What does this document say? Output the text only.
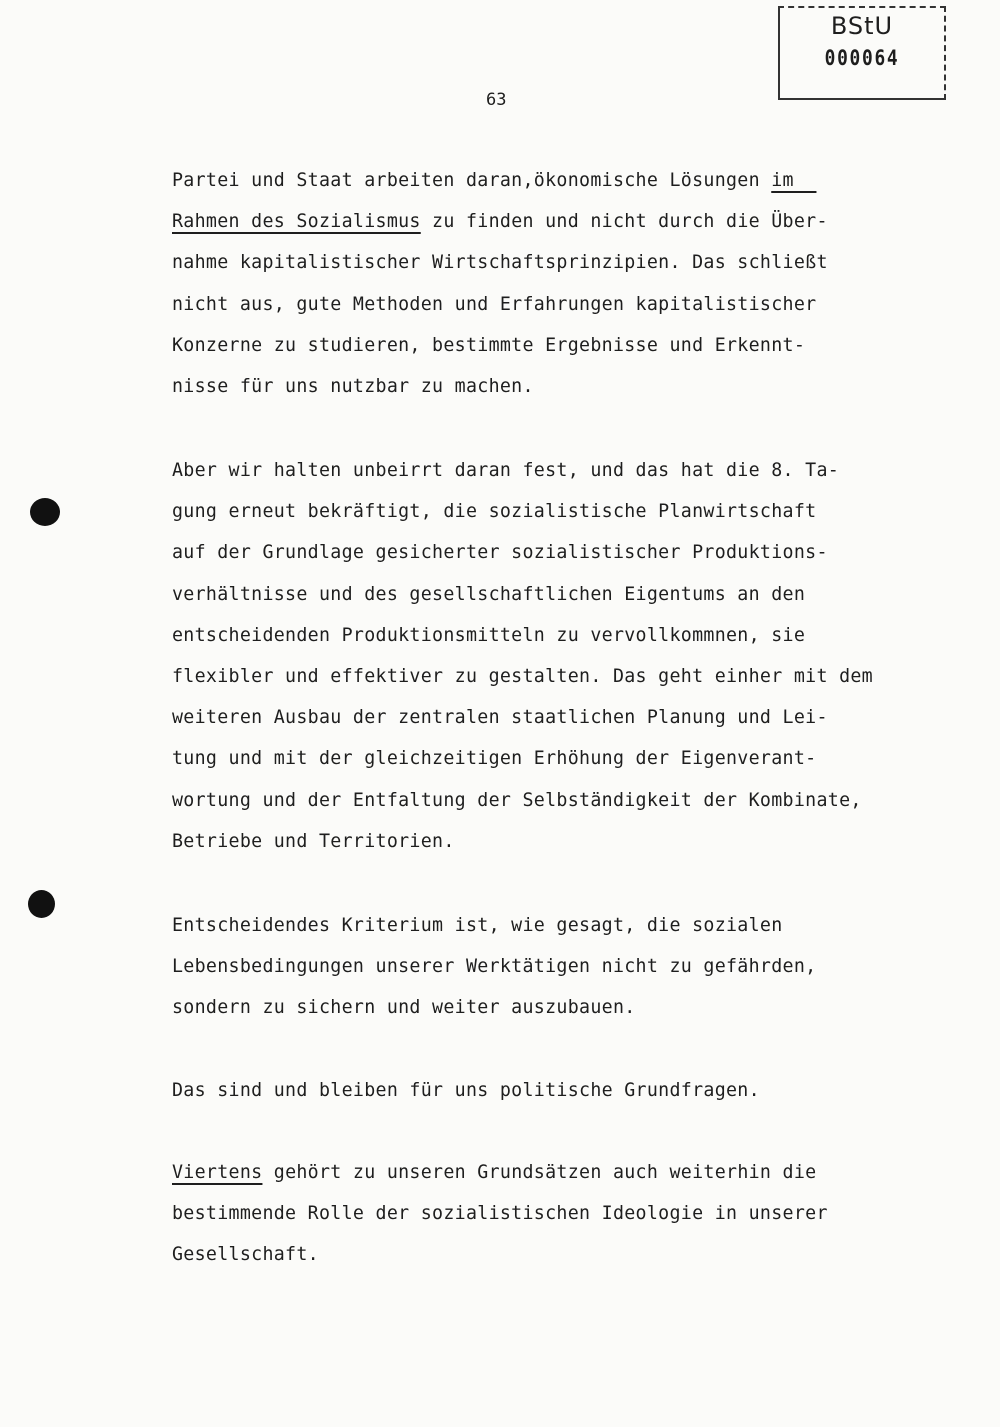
BStU
000064
63
Partei und Staat arbeiten daran,ökonomische Lösungen im
Rahmen des Sozialismus zu finden und nicht durch die Über-
nahme kapitalistischer Wirtschaftsprinzipien. Das schließt
nicht aus, gute Methoden und Erfahrungen kapitalistischer
Konzerne zu studieren, bestimmte Ergebnisse und Erkennt-
nisse für uns nutzbar zu machen.
Aber wir halten unbeirrt daran fest, und das hat die 8. Ta-
gung erneut bekräftigt, die sozialistische Planwirtschaft
auf der Grundlage gesicherter sozialistischer Produktions-
verhältnisse und des gesellschaftlichen Eigentums an den
entscheidenden Produktionsmitteln zu vervollkommnen, sie
flexibler und effektiver zu gestalten. Das geht einher mit dem
weiteren Ausbau der zentralen staatlichen Planung und Lei-
tung und mit der gleichzeitigen Erhöhung der Eigenverant-
wortung und der Entfaltung der Selbständigkeit der Kombinate,
Betriebe und Territorien.
Entscheidendes Kriterium ist, wie gesagt, die sozialen
Lebensbedingungen unserer Werktätigen nicht zu gefährden,
sondern zu sichern und weiter auszubauen.
Das sind und bleiben für uns politische Grundfragen.
Viertens gehört zu unseren Grundsätzen auch weiterhin die
bestimmende Rolle der sozialistischen Ideologie in unserer
Gesellschaft.
